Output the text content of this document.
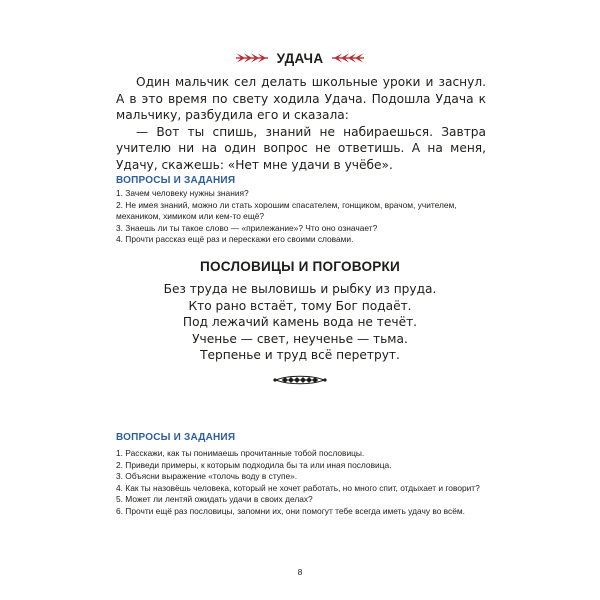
УДАЧА

Один мальчик сел делать школьные уроки и заснул. А в это время по свету ходила Удача. Подошла Удача к мальчику, разбудила его и сказала:

— Вот ты спишь, знаний не набираешься. Завтра учителю ни на один вопрос не ответишь. А на меня, Удачу, скажешь: «Нет мне удачи в учёбе».

ВОПРОСЫ И ЗАДАНИЯ
1. Зачем человеку нужны знания?
2. Не имея знаний, можно ли стать хорошим спасателем, гонщиком, врачом, учителем, механиком, химиком или кем-то ещё?
3. Знаешь ли ты такое слово — «прилежание»? Что оно означает?
4. Прочти рассказ ещё раз и перескажи его своими словами.
ПОСЛОВИЦЫ И ПОГОВОРКИ
Без труда не выловишь и рыбку из пруда.
Кто рано встаёт, тому Бог подаёт.
Под лежачий камень вода не течёт.
Ученье — свет, неученье — тьма.
Терпенье и труд всё перетрут.
ВОПРОСЫ И ЗАДАНИЯ
1. Расскажи, как ты понимаешь прочитанные тобой пословицы.
2. Приведи примеры, к которым подходила бы та или иная пословица.
3. Объясни выражение «толочь воду в ступе».
4. Как ты назовёшь человека, который не хочет работать, но много спит, отдыхает и говорит?
5. Может ли лентяй ожидать удачи в своих делах?
6. Прочти ещё раз пословицы, запомни их, они помогут тебе всегда иметь удачу во всём.
8
